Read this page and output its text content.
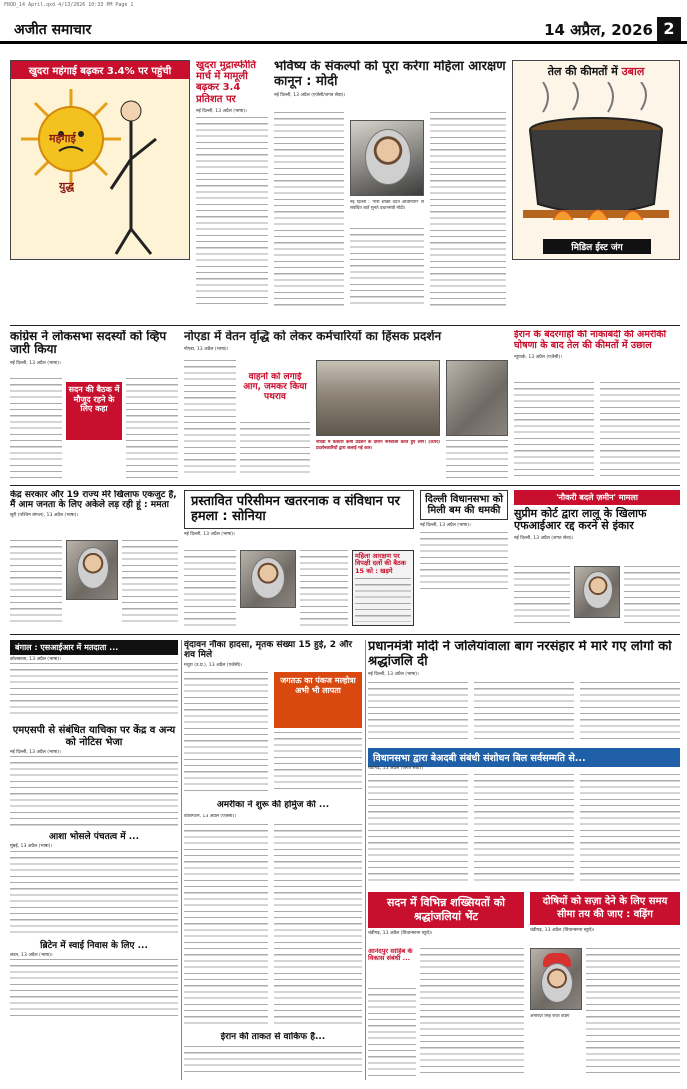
FROD_14 April.qxd 4/13/2026 10:33 PM Page 1
अजीत समाचार	14 अप्रैल, 2026 2
खुदरा महंगाई बढ़कर 3.4% पर पहुंची
महंगाई
युद्ध
खुदरा मुद्रास्फीति मार्च में मामूली बढ़कर 3.4 प्रतिशत पर
नई दिल्ली, 13 अप्रैल (भाषा)।
भविष्य के संकल्पों को पूरा करेगा महिला आरक्षण कानून : मोदी
नई दिल्ली, 13 अप्रैल (एजेंसी/जगत सेवा)।
नई दिल्ली : 'नारी शक्ति वंदन अधिनियम' से संबंधित बातें सुनते प्रधानमंत्री मोदी।
तेल की कीमतों में उबाल
मिडिल ईस्ट जंग
कांग्रेस ने लोकसभा सदस्यों को व्हिप जारी किया
नई दिल्ली, 13 अप्रैल (भाषा)।
सदन की बैठक में मौजूद रहने के लिए कहा
नोएडा में वेतन वृद्धि को लेकर कर्मचारियों का हिंसक प्रदर्शन
नोएडा, 13 अप्रैल (भाषा)।
वाहनों को लगाई आग, जमकर किया पथराव
नोएडा में फैक्टरी कर्मी प्रदर्शन के दौरान नारेबाजी करते हुए लोग। (ऊपर) प्रदर्शनकारियों द्वारा जलाई गई कार।
ईरान के बंदरगाहों की नाकाबंदी की अमरीकी घोषणा के बाद तेल की कीमतों में उछाल
न्यूयार्क, 13 अप्रैल (एजेंसी)।
केंद्र सरकार और 19 राज्य मेरे खिलाफ एकजुट हैं, मैं आम जनता के लिए अकेले लड़ रही हूं : ममता
सूरी (पश्चिम बंगाल), 13 अप्रैल (भाषा)।
प्रस्तावित परिसीमन खतरनाक व संविधान पर हमला : सोनिया
नई दिल्ली, 13 अप्रैल (भाषा)।
महिला आरक्षण पर विपक्षी दलों की बैठक 15 को : खड़गे
दिल्ली विधानसभा को मिली बम की धमकी
नई दिल्ली, 13 अप्रैल (भाषा)।
'नौकरी बदले ज़मीन' मामला
सुप्रीम कोर्ट द्वारा लालू के खिलाफ एफआईआर रद्द करने से इंकार
नई दिल्ली, 13 अप्रैल (जगत सेवा)।
बंगाल : एसआईआर में मतदाता ...
कोलकाता, 13 अप्रैल (भाषा)।
एमएसपी से संबंधित याचिका पर केंद्र व अन्य को नोटिस भेजा
नई दिल्ली, 13 अप्रैल (भाषा)।
आशा भोसले पंचतत्व में ...
मुंबई, 13 अप्रैल (भाषा)।
ब्रिटेन में स्वाई निवास के लिए ...
लंदन, 13 अप्रैल (भाषा)।
वृंदावन नौका हादसा, मृतक संख्या 15 हुई, 2 और शव मिले
मथुरा (उ.प्र.), 13 अप्रैल (एजेंसी)।
जगतऊ का पंकज मल्होत्रा अभी भी लापता
अमरीका ने शुरू की होर्मुज की ...
वाशिंगटन, 13 अप्रैल (एजेंसी)।
ईरान की ताकत से वाकिफ है...
प्रधानमंत्री मोदी ने जलियांवाला बाग नरसंहार में मारे गए लोगों को श्रद्धांजलि दी
नई दिल्ली, 13 अप्रैल (भाषा)।
विधानसभा द्वारा बेअदबी संबंधी संशोधन बिल सर्वसम्मति से...
चंडीगढ़, 13 अप्रैल (जगत सेवा)।
सदन में विभिन्न शख्सियतों को श्रद्धांजलियां भेंट
चंडीगढ़, 13 अप्रैल (विधानसभा ब्यूरो)।
आनंदपुर साहिब के विकास संबंधी ...
दोषियों को सज़ा देने के लिए समय सीमा तय की जाए : वड़िंग
चंडीगढ़, 13 अप्रैल (विधानसभा ब्यूरो)।
अमरिंदर सिंह राजा वड़िंग
